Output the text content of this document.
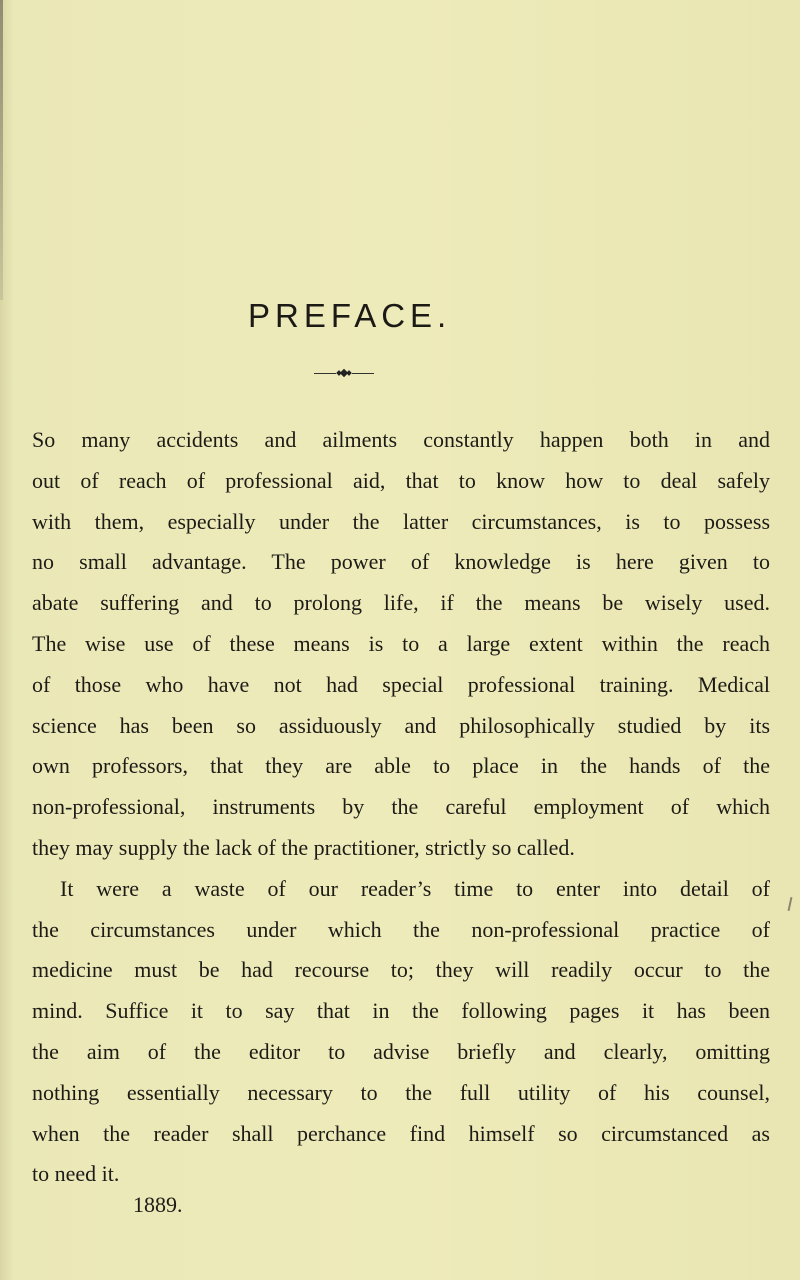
PREFACE.
So many accidents and ailments constantly happen both in and
out of reach of professional aid, that to know how to deal safely
with them, especially under the latter circumstances, is to possess
no small advantage. The power of knowledge is here given to
abate suffering and to prolong life, if the means be wisely used.
The wise use of these means is to a large extent within the reach
of those who have not had special professional training. Medical
science has been so assiduously and philosophically studied by its
own professors, that they are able to place in the hands of the
non-professional, instruments by the careful employment of which
they may supply the lack of the practitioner, strictly so called.
It were a waste of our reader’s time to enter into detail of
the circumstances under which the non-professional practice of
medicine must be had recourse to; they will readily occur to the
mind. Suffice it to say that in the following pages it has been
the aim of the editor to advise briefly and clearly, omitting
nothing essentially necessary to the full utility of his counsel,
when the reader shall perchance find himself so circumstanced as
to need it.

1889.
